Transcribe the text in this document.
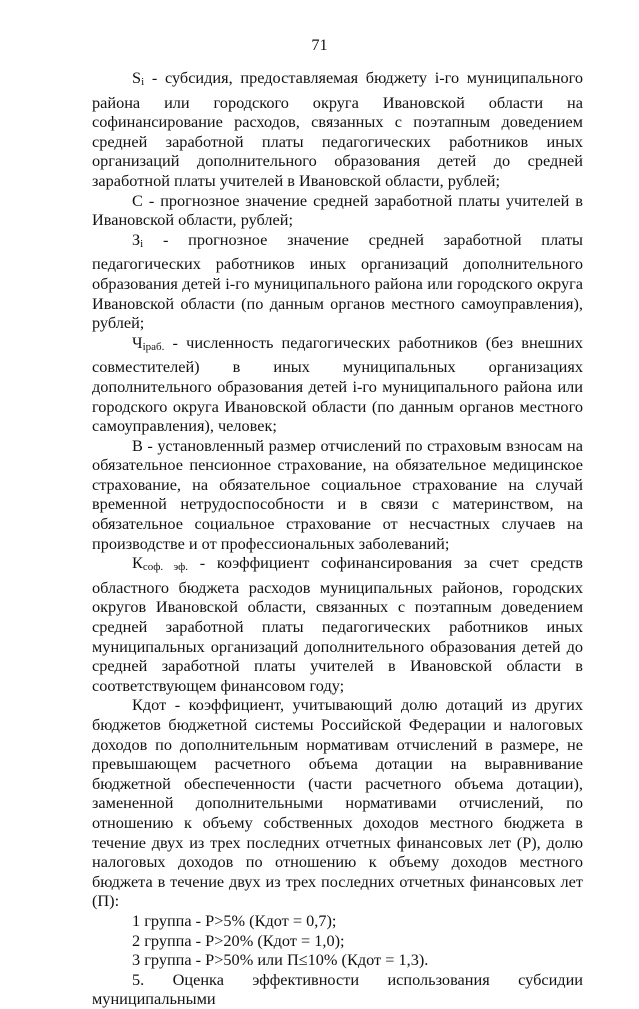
71

Si - субсидия, предоставляемая бюджету i-го муниципального района или городского округа Ивановской области на софинансирование расходов, связанных с поэтапным доведением средней заработной платы педагогических работников иных организаций дополнительного образования детей до средней заработной платы учителей в Ивановской области, рублей;

С - прогнозное значение средней заработной платы учителей в Ивановской области, рублей;

Зi - прогнозное значение средней заработной платы педагогических работников иных организаций дополнительного образования детей i-го муниципального района или городского округа Ивановской области (по данным органов местного самоуправления), рублей;

Чiраб. - численность педагогических работников (без внешних совместителей) в иных муниципальных организациях дополнительного образования детей i-го муниципального района или городского округа Ивановской области (по данным органов местного самоуправления), человек;

В - установленный размер отчислений по страховым взносам на обязательное пенсионное страхование, на обязательное медицинское страхование, на обязательное социальное страхование на случай временной нетрудоспособности и в связи с материнством, на обязательное социальное страхование от несчастных случаев на производстве и от профессиональных заболеваний;

Ксоф. эф. - коэффициент софинансирования за счет средств областного бюджета расходов муниципальных районов, городских округов Ивановской области, связанных с поэтапным доведением средней заработной платы педагогических работников иных муниципальных организаций дополнительного образования детей до средней заработной платы учителей в Ивановской области в соответствующем финансовом году;

Кдот - коэффициент, учитывающий долю дотаций из других бюджетов бюджетной системы Российской Федерации и налоговых доходов по дополнительным нормативам отчислений в размере, не превышающем расчетного объема дотации на выравнивание бюджетной обеспеченности (части расчетного объема дотации), замененной дополнительными нормативами отчислений, по отношению к объему собственных доходов местного бюджета в течение двух из трех последних отчетных финансовых лет (Р), долю налоговых доходов по отношению к объему доходов местного бюджета в течение двух из трех последних отчетных финансовых лет (П):

1 группа - Р>5% (Кдот = 0,7);

2 группа - Р>20% (Кдот = 1,0);

3 группа - Р>50% или П≤10% (Кдот = 1,3).

5. Оценка эффективности использования субсидии муниципальными
